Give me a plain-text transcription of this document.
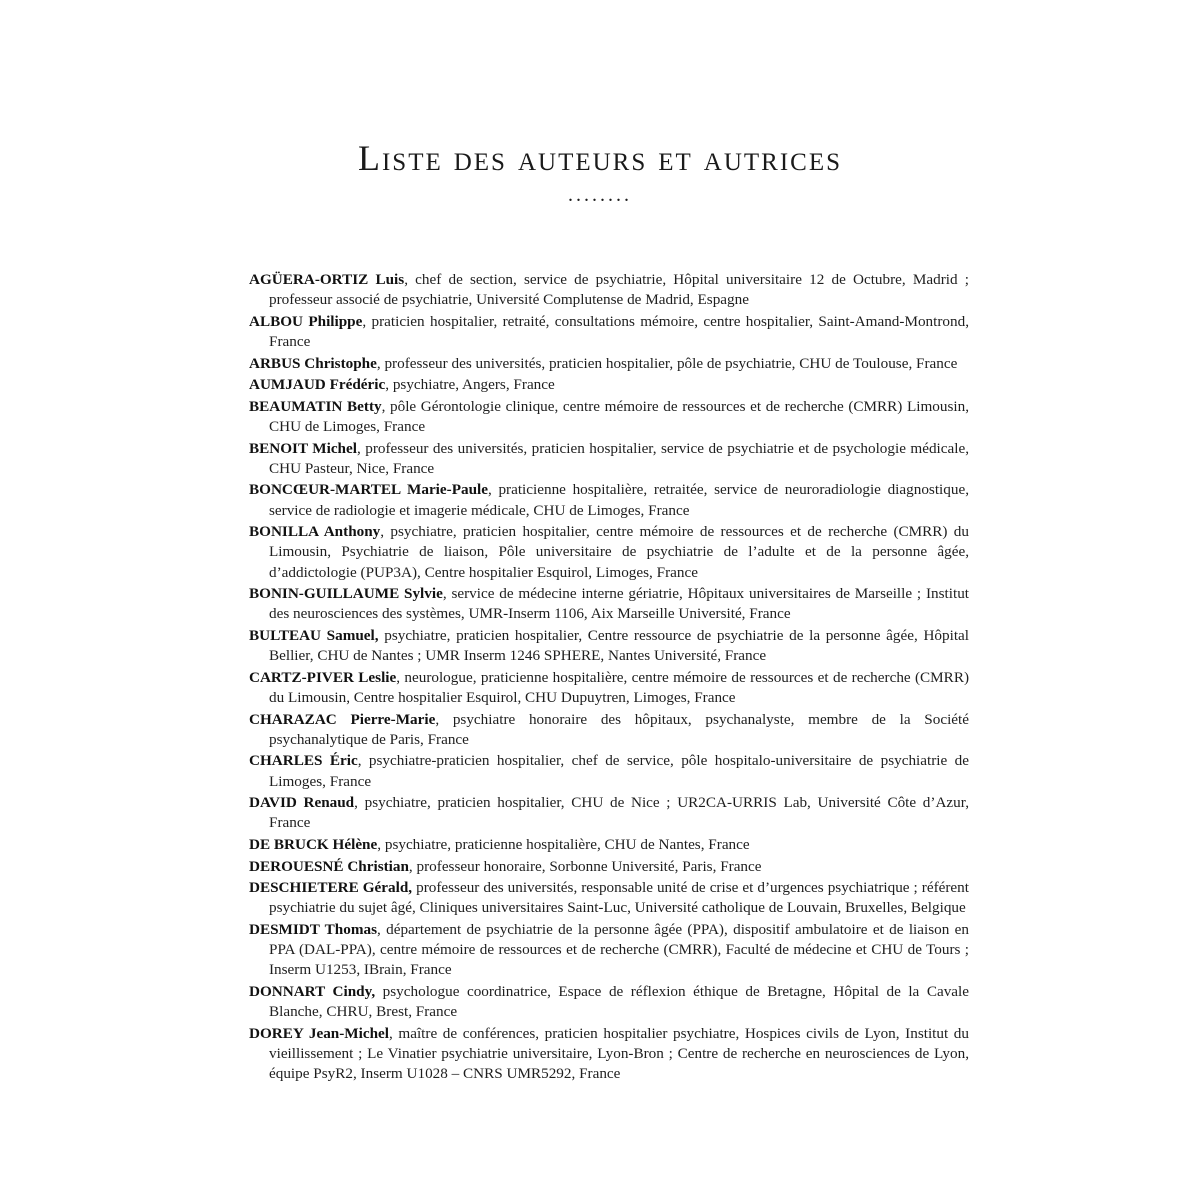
Liste des auteurs et autrices
........
AGÜERA-ORTIZ Luis, chef de section, service de psychiatrie, Hôpital universitaire 12 de Octubre, Madrid ; professeur associé de psychiatrie, Université Complutense de Madrid, Espagne
ALBOU Philippe, praticien hospitalier, retraité, consultations mémoire, centre hospitalier, Saint-Amand-Montrond, France
ARBUS Christophe, professeur des universités, praticien hospitalier, pôle de psychiatrie, CHU de Toulouse, France
AUMJAUD Frédéric, psychiatre, Angers, France
BEAUMATIN Betty, pôle Gérontologie clinique, centre mémoire de ressources et de recherche (CMRR) Limousin, CHU de Limoges, France
BENOIT Michel, professeur des universités, praticien hospitalier, service de psychiatrie et de psychologie médicale, CHU Pasteur, Nice, France
BONCŒUR-MARTEL Marie-Paule, praticienne hospitalière, retraitée, service de neuroradiologie diagnostique, service de radiologie et imagerie médicale, CHU de Limoges, France
BONILLA Anthony, psychiatre, praticien hospitalier, centre mémoire de ressources et de recherche (CMRR) du Limousin, Psychiatrie de liaison, Pôle universitaire de psychiatrie de l’adulte et de la personne âgée, d’addictologie (PUP3A), Centre hospitalier Esquirol, Limoges, France
BONIN-GUILLAUME Sylvie, service de médecine interne gériatrie, Hôpitaux universitaires de Marseille ; Institut des neurosciences des systèmes, UMR-Inserm 1106, Aix Marseille Université, France
BULTEAU Samuel, psychiatre, praticien hospitalier, Centre ressource de psychiatrie de la personne âgée, Hôpital Bellier, CHU de Nantes ; UMR Inserm 1246 SPHERE, Nantes Université, France
CARTZ-PIVER Leslie, neurologue, praticienne hospitalière, centre mémoire de ressources et de recherche (CMRR) du Limousin, Centre hospitalier Esquirol, CHU Dupuytren, Limoges, France
CHARAZAC Pierre-Marie, psychiatre honoraire des hôpitaux, psychanalyste, membre de la Société psychanalytique de Paris, France
CHARLES Éric, psychiatre-praticien hospitalier, chef de service, pôle hospitalo-universitaire de psychiatrie de Limoges, France
DAVID Renaud, psychiatre, praticien hospitalier, CHU de Nice ; UR2CA-URRIS Lab, Université Côte d’Azur, France
DE BRUCK Hélène, psychiatre, praticienne hospitalière, CHU de Nantes, France
DEROUESNÉ Christian, professeur honoraire, Sorbonne Université, Paris, France
DESCHIETERE Gérald, professeur des universités, responsable unité de crise et d’urgences psychiatrique ; référent psychiatrie du sujet âgé, Cliniques universitaires Saint-Luc, Université catholique de Louvain, Bruxelles, Belgique
DESMIDT Thomas, département de psychiatrie de la personne âgée (PPA), dispositif ambulatoire et de liaison en PPA (DAL-PPA), centre mémoire de ressources et de recherche (CMRR), Faculté de médecine et CHU de Tours ; Inserm U1253, IBrain, France
DONNART Cindy, psychologue coordinatrice, Espace de réflexion éthique de Bretagne, Hôpital de la Cavale Blanche, CHRU, Brest, France
DOREY Jean-Michel, maître de conférences, praticien hospitalier psychiatre, Hospices civils de Lyon, Institut du vieillissement ; Le Vinatier psychiatrie universitaire, Lyon-Bron ; Centre de recherche en neurosciences de Lyon, équipe PsyR2, Inserm U1028 – CNRS UMR5292, France
